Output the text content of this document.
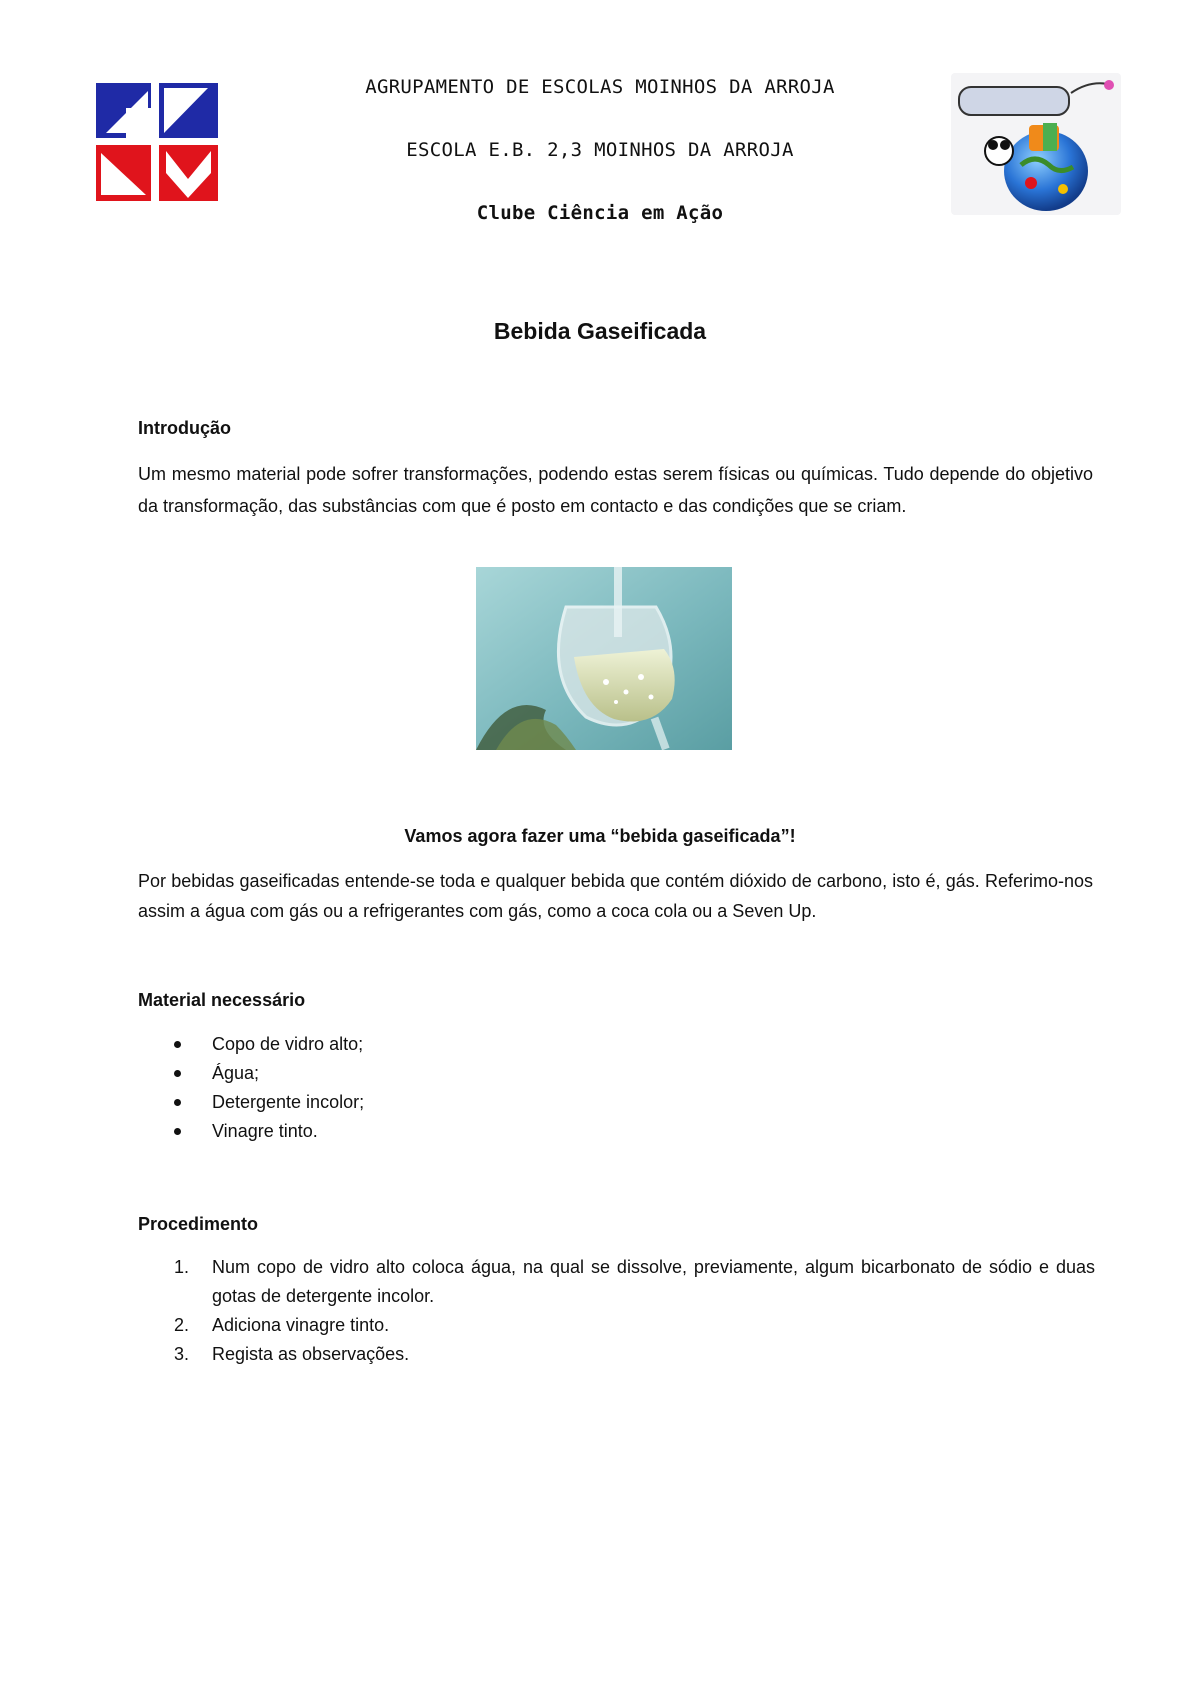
AGRUPAMENTO DE ESCOLAS MOINHOS DA ARROJA
ESCOLA E.B. 2,3 MOINHOS DA ARROJA
Clube Ciência em Ação
Bebida Gaseificada
Introdução
Um mesmo material pode sofrer transformações, podendo estas serem físicas ou químicas. Tudo depende do objetivo da transformação, das substâncias com que é posto em contacto e das condições que se criam.
Vamos agora fazer uma “bebida gaseificada”!
Por bebidas gaseificadas entende-se toda e qualquer bebida que contém dióxido de carbono, isto é, gás. Referimo-nos assim a água com gás ou a refrigerantes com gás, como a coca cola ou a Seven Up.
Material necessário
Copo de vidro alto;
Água;
Detergente incolor;
Vinagre tinto.
Procedimento
1. Num copo de vidro alto coloca água, na qual se dissolve, previamente, algum bicarbonato de sódio e duas gotas de detergente incolor.
2. Adiciona vinagre tinto.
3. Regista as observações.
